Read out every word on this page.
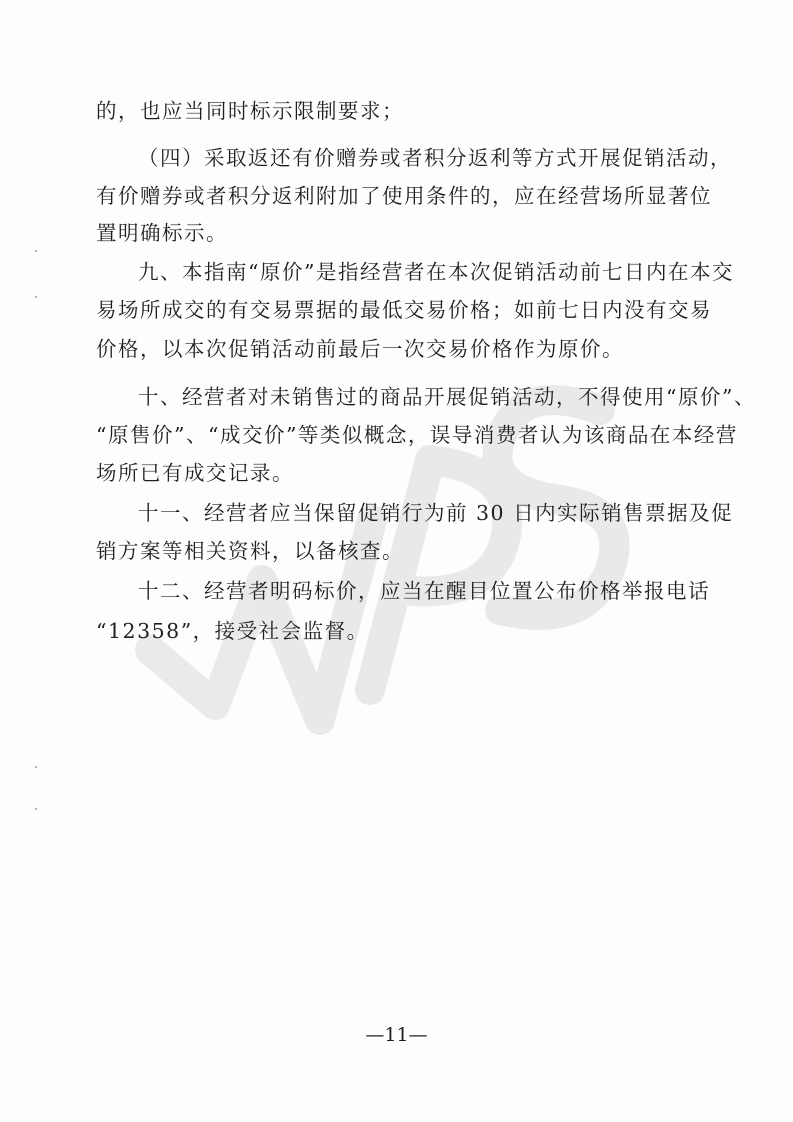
的，也应当同时标示限制要求；
（四）采取返还有价赠券或者积分返利等方式开展促销活动，
有价赠券或者积分返利附加了使用条件的，应在经营场所显著位
置明确标示。
九、本指南“原价”是指经营者在本次促销活动前七日内在本交
易场所成交的有交易票据的最低交易价格；如前七日内没有交易
价格，以本次促销活动前最后一次交易价格作为原价。
十、经营者对未销售过的商品开展促销活动，不得使用“原价”、
“原售价”、“成交价”等类似概念，误导消费者认为该商品在本经营
场所已有成交记录。
十一、经营者应当保留促销行为前 30 日内实际销售票据及促
销方案等相关资料，以备核查。
十二、经营者明码标价，应当在醒目位置公布价格举报电话
“12358”，接受社会监督。
—11—
